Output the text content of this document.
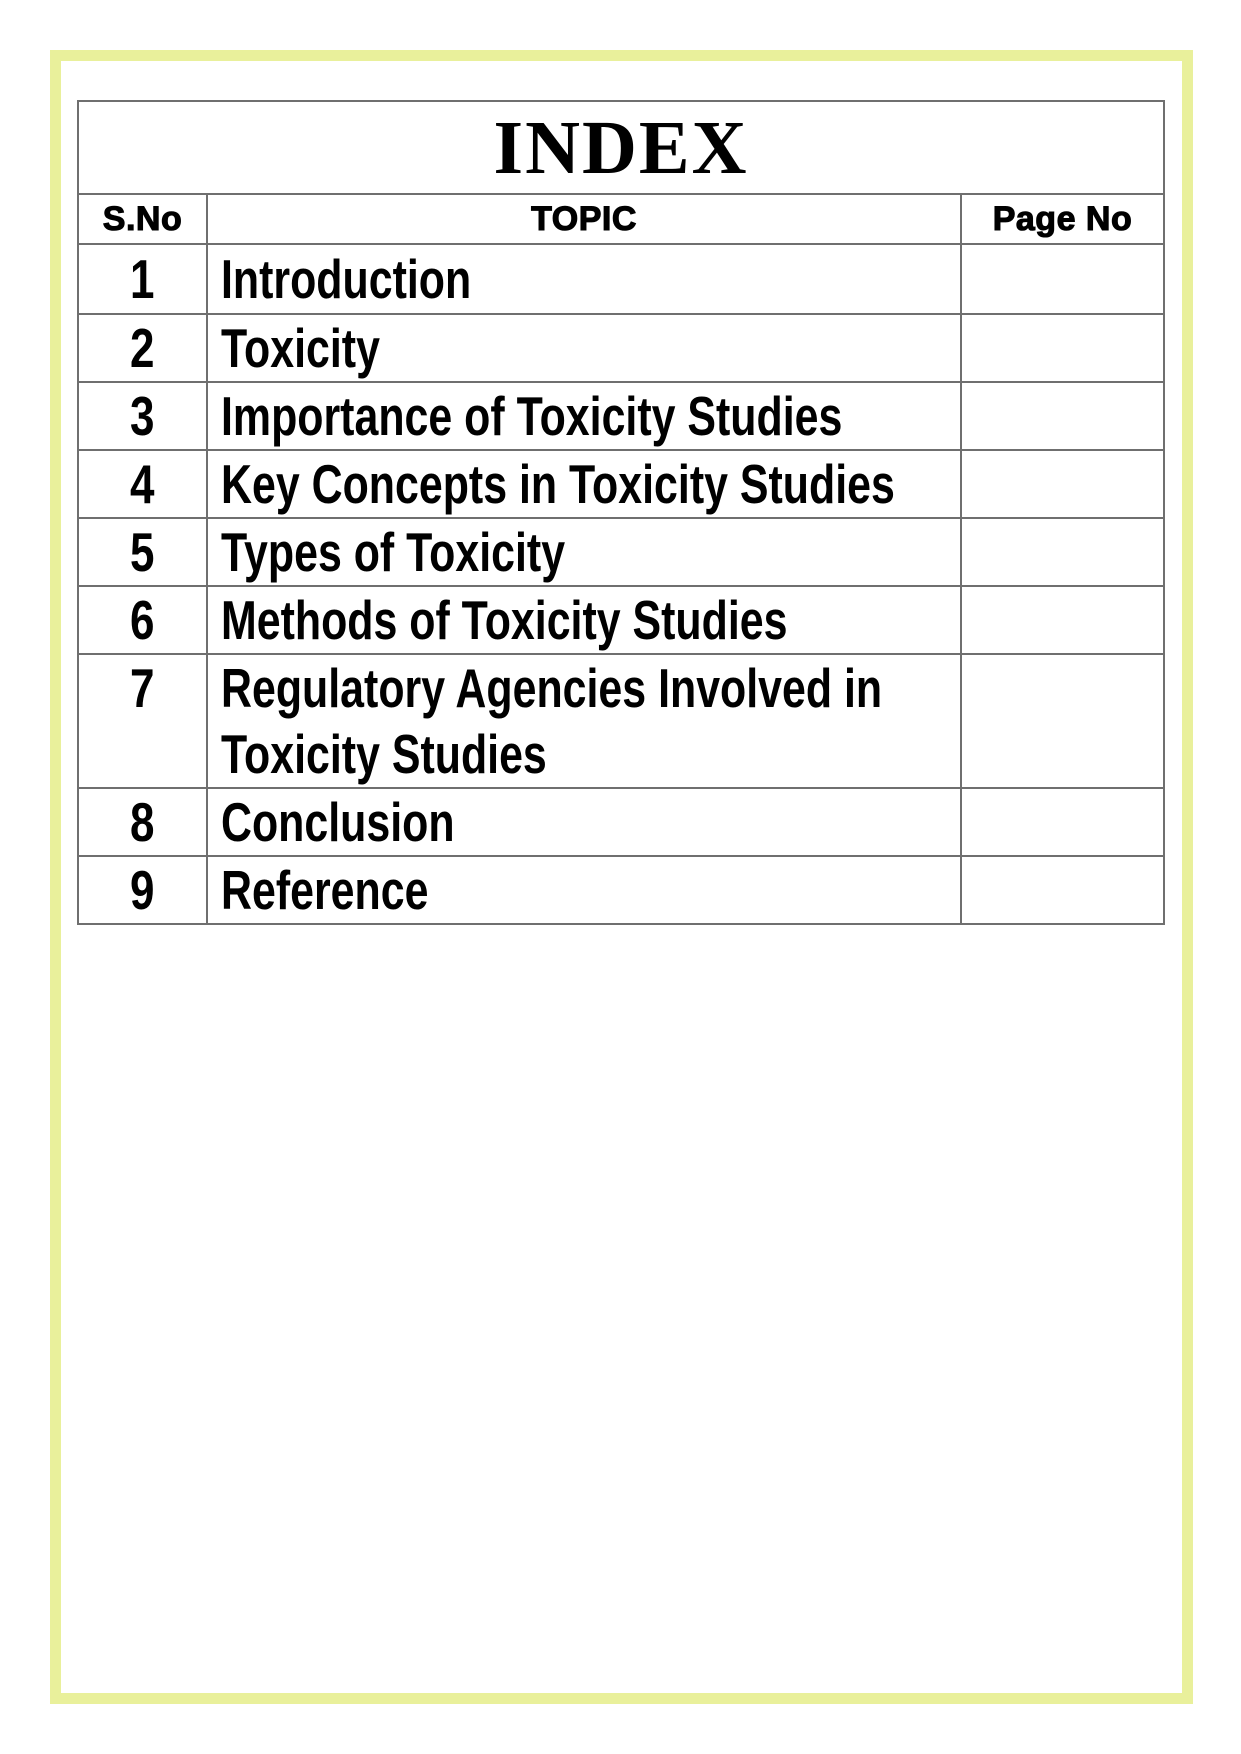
INDEX		
S.No	TOPIC	Page No
1	Introduction	
2	Toxicity	
3	Importance of Toxicity Studies	
4	Key Concepts in Toxicity Studies	
5	Types of Toxicity	
6	Methods of Toxicity Studies	
7	Regulatory Agencies Involved in Toxicity Studies	
8	Conclusion	
9	Reference	
